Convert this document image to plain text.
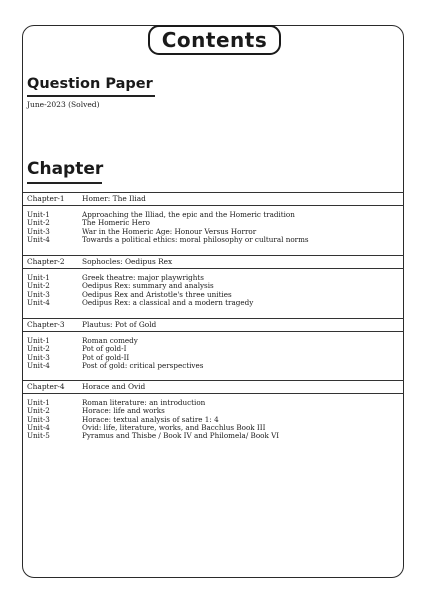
Contents
Question Paper
June-2023 (Solved)
Chapter
Chapter-1 Homer: The Iliad
Unit-1	Approaching the Illiad, the epic and the Homeric tradition
Unit-2	The Homeric Hero
Unit-3	War in the Homeric Age: Honour Versus Horror
Unit-4	Towards a political ethics: moral philosophy or cultural norms
Chapter-2 Sophocles: Oedipus Rex
Unit-1	Greek theatre: major playwrights
Unit-2	Oedipus Rex: summary and analysis
Unit-3	Oedipus Rex and Aristotle's three unities
Unit-4	Oedipus Rex: a classical and a modern tragedy
Chapter-3 Plautus: Pot of Gold
Unit-1	Roman comedy
Unit-2	Pot of gold-I
Unit-3	Pot of gold-II
Unit-4	Post of gold: critical perspectives
Chapter-4 Horace and Ovid
Unit-1	Roman literature: an introduction
Unit-2	Horace: life and works
Unit-3	Horace: textual analysis of satire 1: 4
Unit-4	Ovid: life, literature, works, and Bacchlus Book III
Unit-5	Pyramus and Thisbe / Book IV and Philomela/ Book VI
